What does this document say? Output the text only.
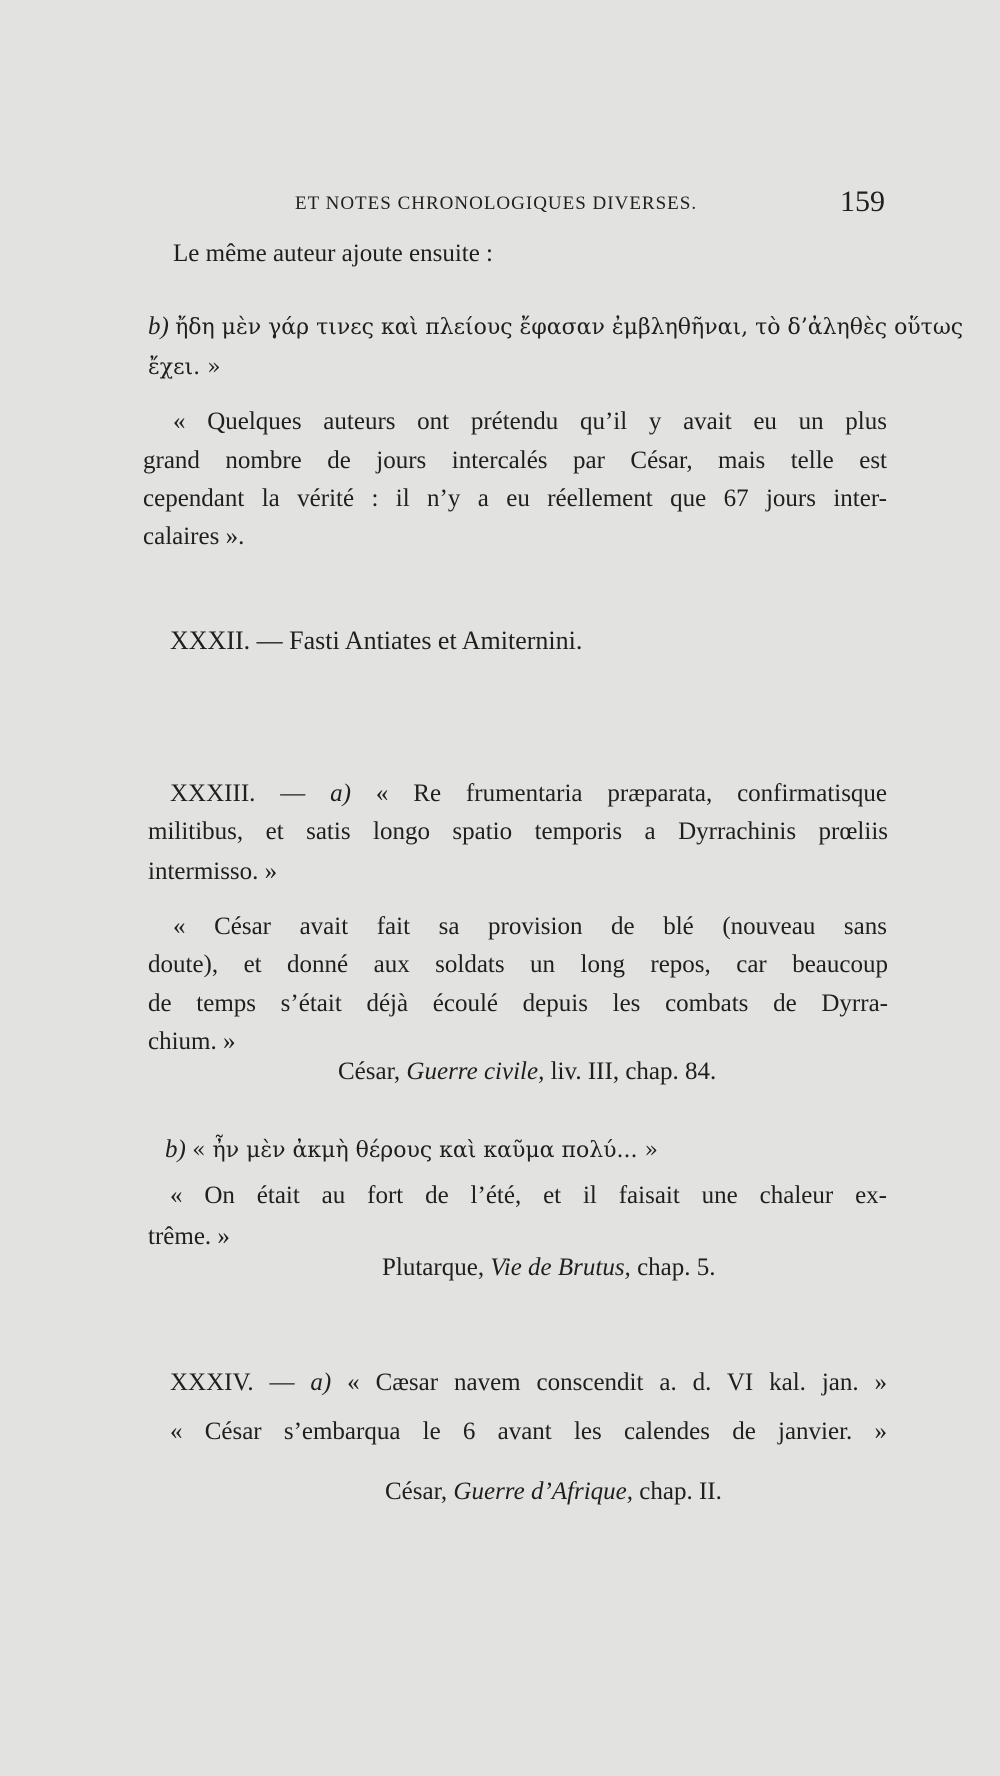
ET NOTES CHRONOLOGIQUES DIVERSES.	159
Le même auteur ajoute ensuite :
b) ἤδη μὲν γάρ τινες καὶ πλείους ἔφασαν ἐμβληθῆναι, τὸ δ’ἀληθὲς οὕτως
ἔχει. »
« Quelques auteurs ont prétendu qu’il y avait eu un plus
grand nombre de jours intercalés par César, mais telle est
cependant la vérité : il n’y a eu réellement que 67 jours inter-
calaires ».
XXXII. — Fasti Antiates et Amiternini.
XXXIII. — a) « Re frumentaria præparata, confirmatisque
militibus, et satis longo spatio temporis a Dyrrachinis prœliis
intermisso. »
« César avait fait sa provision de blé (nouveau sans
doute), et donné aux soldats un long repos, car beaucoup
de temps s’était déjà écoulé depuis les combats de Dyrra-
chium. »
César, Guerre civile, liv. III, chap. 84.
b) « ἦν μὲν ἀκμὴ θέρους καὶ καῦμα πολύ... »
« On était au fort de l’été, et il faisait une chaleur ex-
trême. »
Plutarque, Vie de Brutus, chap. 5.
XXXIV. — a) « Cæsar navem conscendit a. d. VI kal. jan. »
« César s’embarqua le 6 avant les calendes de janvier. »
César, Guerre d’Afrique, chap. II.
